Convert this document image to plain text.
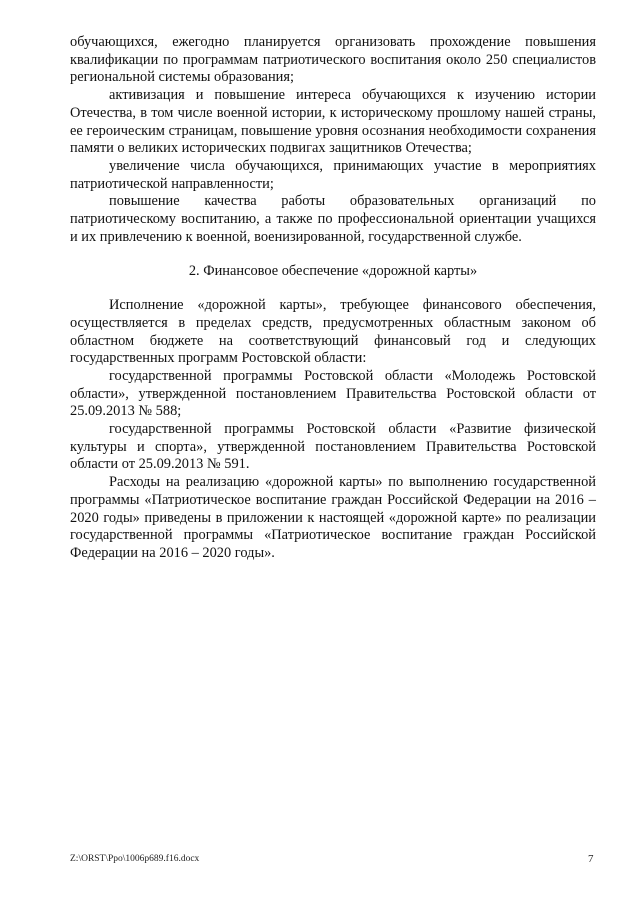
обучающихся, ежегодно планируется организовать прохождение повышения квалификации по программам патриотического воспитания около 250 специалистов региональной системы образования;

активизация и повышение интереса обучающихся к изучению истории Отечества, в том числе военной истории, к историческому прошлому нашей страны, ее героическим страницам, повышение уровня осознания необходимости сохранения памяти о великих исторических подвигах защитников Отечества;

увеличение числа обучающихся, принимающих участие в мероприятиях патриотической направленности;

повышение качества работы образовательных организаций по патриотическому воспитанию, а также по профессиональной ориентации учащихся и их привлечению к военной, военизированной, государственной службе.

2. Финансовое обеспечение «дорожной карты»

Исполнение «дорожной карты», требующее финансового обеспечения, осуществляется в пределах средств, предусмотренных областным законом об областном бюджете на соответствующий финансовый год и следующих государственных программ Ростовской области:

государственной программы Ростовской области «Молодежь Ростовской области», утвержденной постановлением Правительства Ростовской области от 25.09.2013 № 588;

государственной программы Ростовской области «Развитие физической культуры и спорта», утвержденной постановлением Правительства Ростовской области от 25.09.2013 № 591.

Расходы на реализацию «дорожной карты» по выполнению государственной программы «Патриотическое воспитание граждан Российской Федерации на 2016 – 2020 годы» приведены в приложении к настоящей «дорожной карте» по реализации государственной программы «Патриотическое воспитание граждан Российской Федерации на 2016 – 2020 годы».

Z:\ORST\Ppo\1006p689.f16.docx	7
